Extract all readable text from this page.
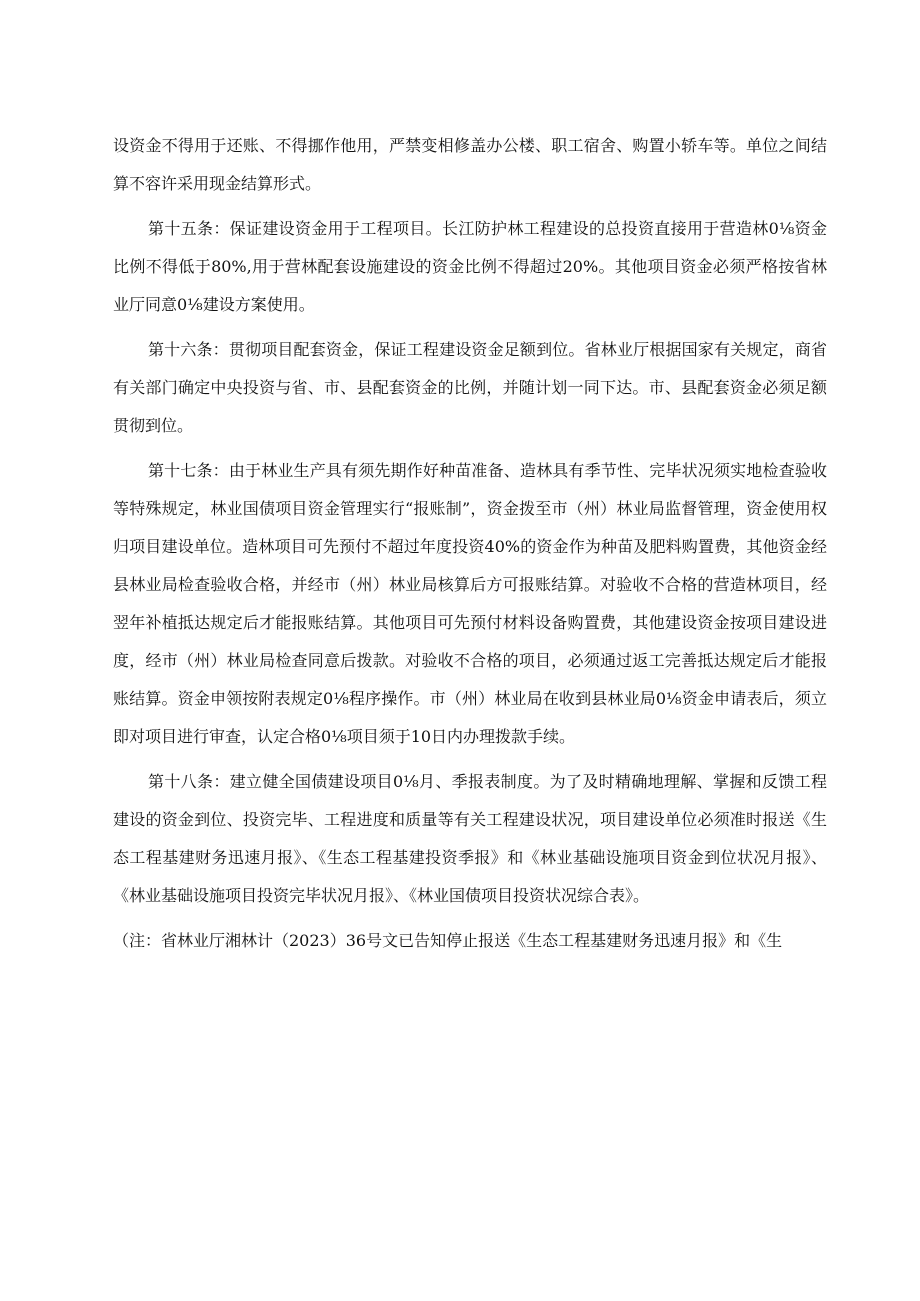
设资金不得用于还账、不得挪作他用，严禁变相修盖办公楼、职工宿舍、购置小轿车等。单位之间结算不容许采用现金结算形式。

第十五条：保证建设资金用于工程项目。长江防护林工程建设的总投资直接用于营造林0⅛资金比例不得低于80%,用于营林配套设施建设的资金比例不得超过20%。其他项目资金必须严格按省林业厅同意0⅛建设方案使用。

第十六条：贯彻项目配套资金，保证工程建设资金足额到位。省林业厅根据国家有关规定，商省有关部门确定中央投资与省、市、县配套资金的比例，并随计划一同下达。市、县配套资金必须足额贯彻到位。

第十七条：由于林业生产具有须先期作好种苗准备、造林具有季节性、完毕状况须实地检查验收等特殊规定，林业国债项目资金管理实行“报账制”，资金拨至市（州）林业局监督管理，资金使用权归项目建设单位。造林项目可先预付不超过年度投资40%的资金作为种苗及肥料购置费，其他资金经县林业局检查验收合格，并经市（州）林业局核算后方可报账结算。对验收不合格的营造林项目，经翌年补植抵达规定后才能报账结算。其他项目可先预付材料设备购置费，其他建设资金按项目建设进度，经市（州）林业局检查同意后拨款。对验收不合格的项目，必须通过返工完善抵达规定后才能报账结算。资金申领按附表规定0⅛程序操作。市（州）林业局在收到县林业局0⅛资金申请表后，须立即对项目进行审查，认定合格0⅛项目须于10日内办理拨款手续。

第十八条：建立健全国债建设项目0⅛月、季报表制度。为了及时精确地理解、掌握和反馈工程建设的资金到位、投资完毕、工程进度和质量等有关工程建设状况，项目建设单位必须准时报送《生态工程基建财务迅速月报》、《生态工程基建投资季报》和《林业基础设施项目资金到位状况月报》、《林业基础设施项目投资完毕状况月报》、《林业国债项目投资状况综合表》。

（注：省林业厅湘林计（2023）36号文已告知停止报送《生态工程基建财务迅速月报》和《生
